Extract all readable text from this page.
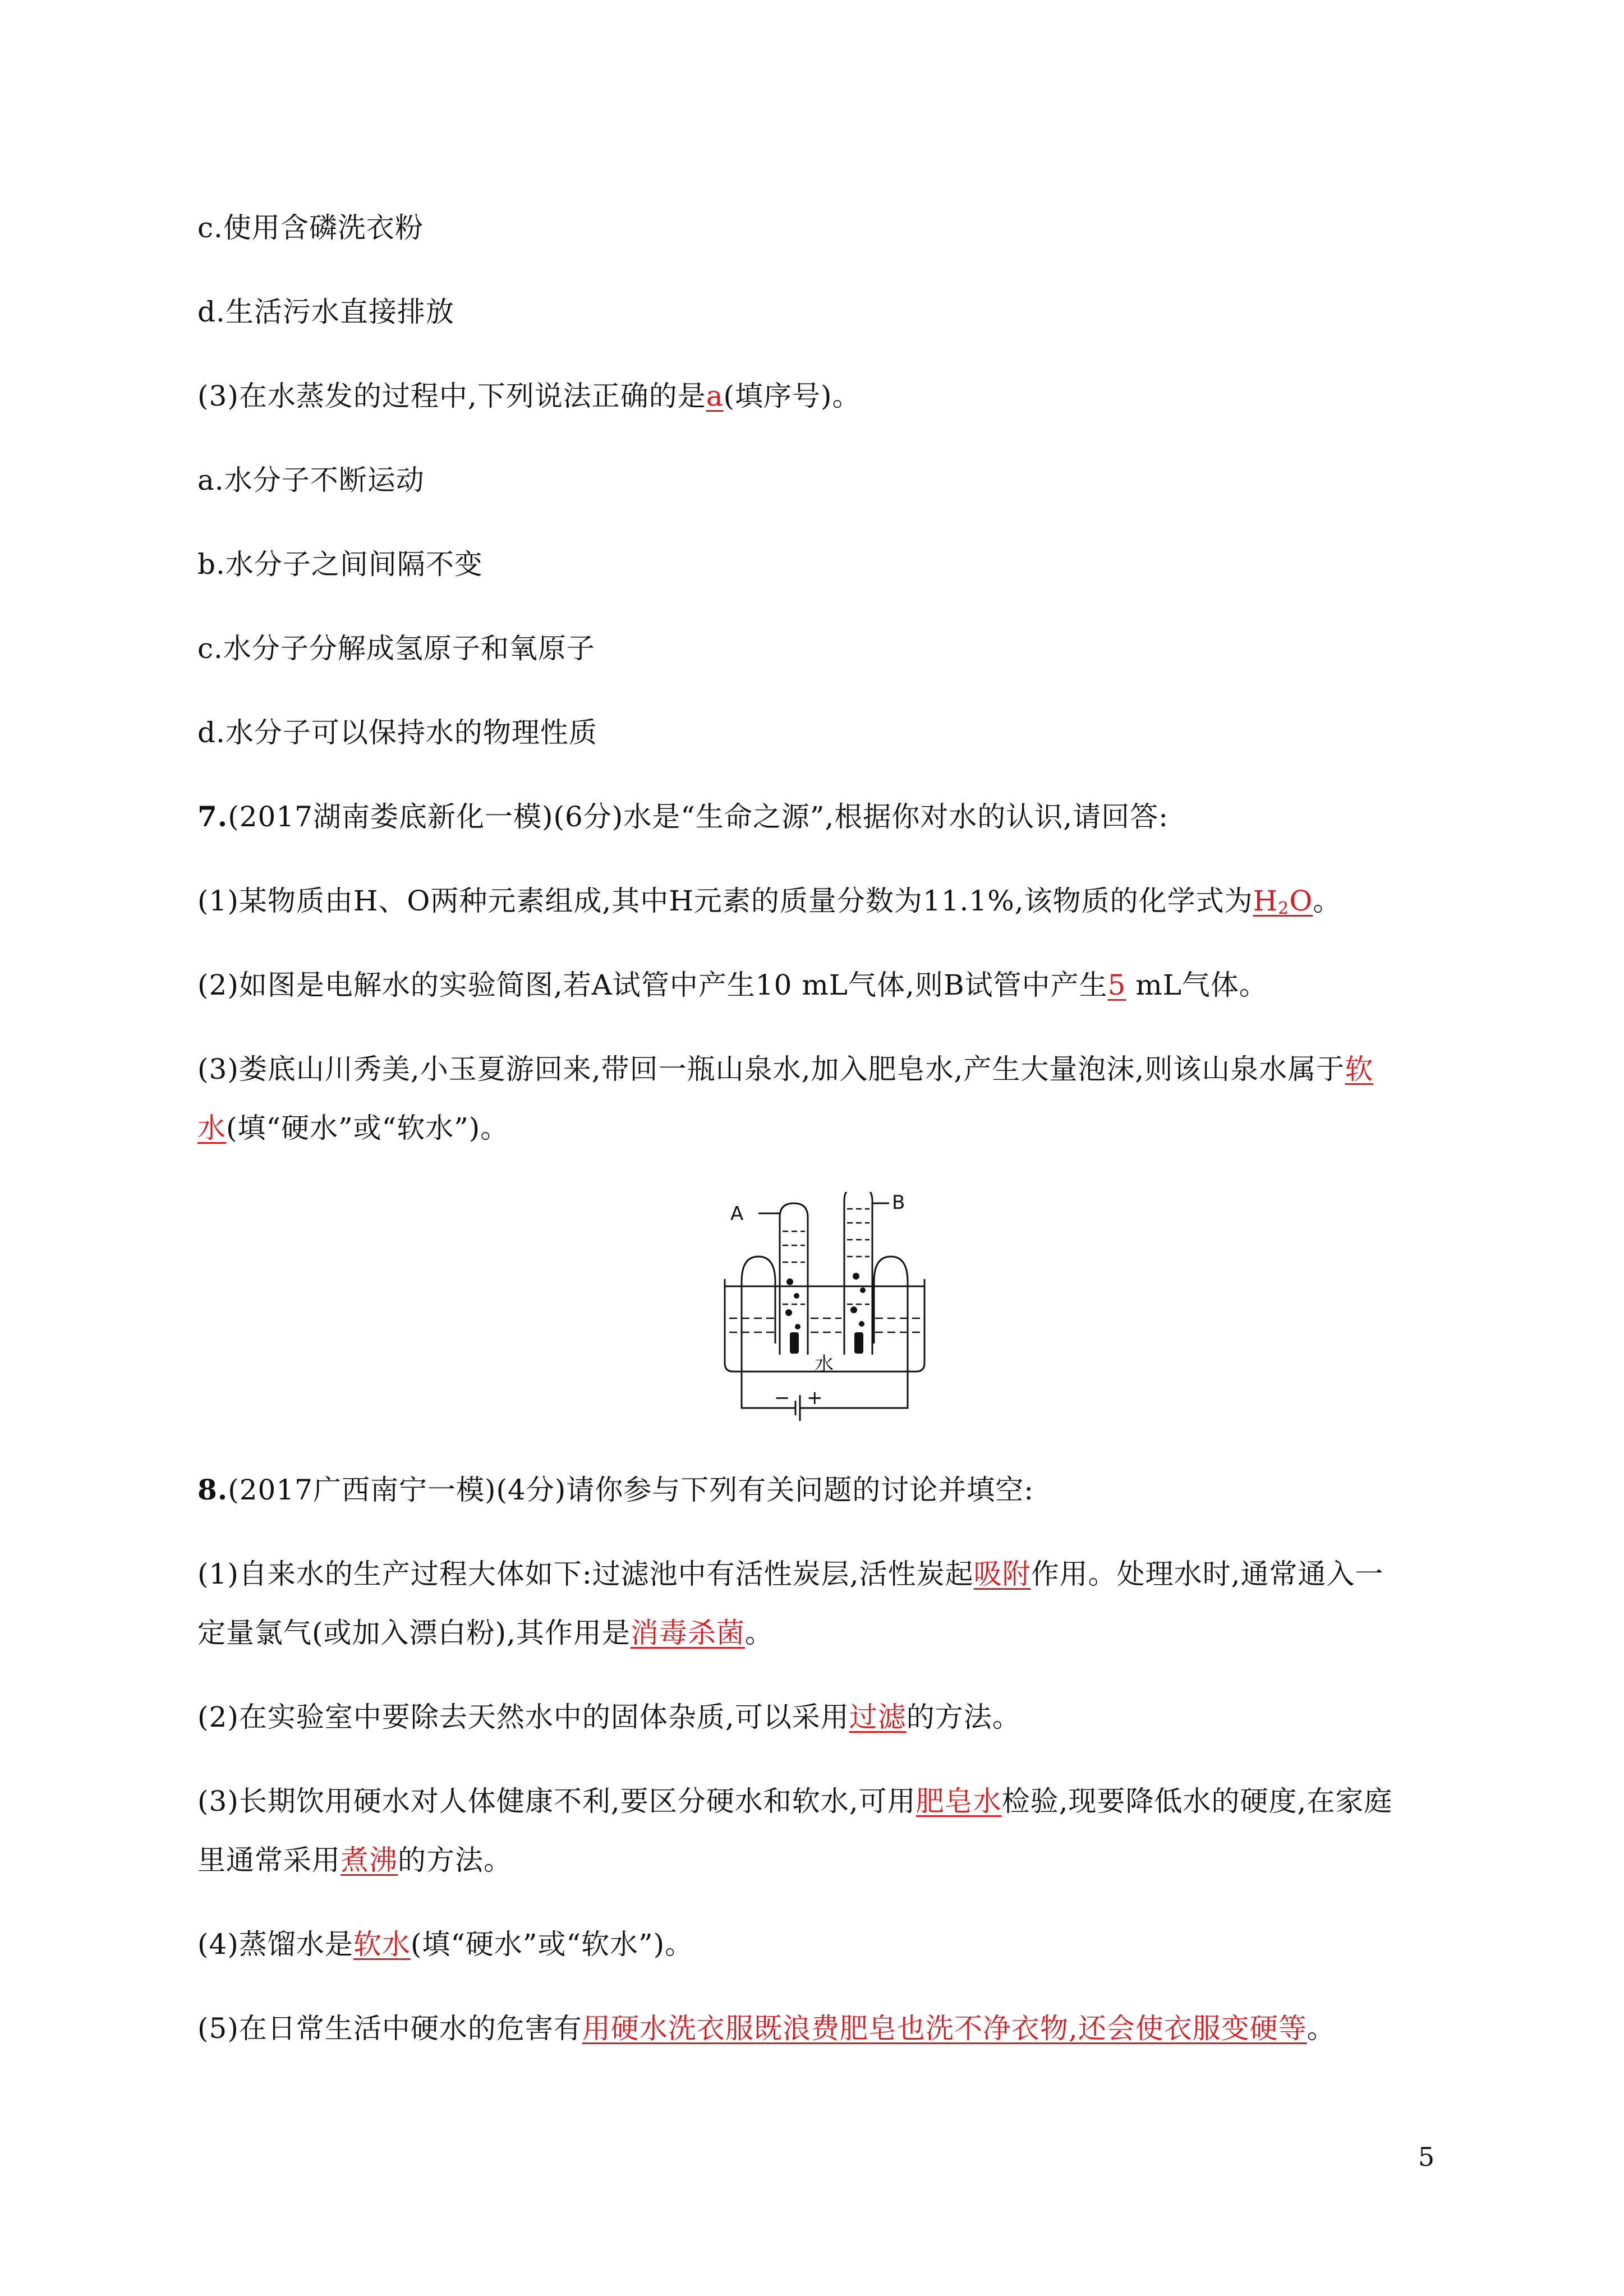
c.使用含磷洗衣粉
d.生活污水直接排放
(3)在水蒸发的过程中,下列说法正确的是a(填序号)。
a.水分子不断运动
b.水分子之间间隔不变
c.水分子分解成氢原子和氧原子
d.水分子可以保持水的物理性质
7.(2017湖南娄底新化一模)(6分)水是“生命之源”,根据你对水的认识,请回答:
(1)某物质由H、O两种元素组成,其中H元素的质量分数为11.1%,该物质的化学式为$H_2O$。
(2)如图是电解水的实验简图,若A试管中产生10 mL气体,则B试管中产生5 mL气体。
(3)娄底山川秀美,小玉夏游回来,带回一瓶山泉水,加入肥皂水,产生大量泡沫,则该山泉水属于软
水(填“硬水”或“软水”)。
A	B
水
− +
8.(2017广西南宁一模)(4分)请你参与下列有关问题的讨论并填空:
(1)自来水的生产过程大体如下:过滤池中有活性炭层,活性炭起吸附作用。处理水时,通常通入一
定量氯气(或加入漂白粉),其作用是消毒杀菌。
(2)在实验室中要除去天然水中的固体杂质,可以采用过滤的方法。
(3)长期饮用硬水对人体健康不利,要区分硬水和软水,可用肥皂水检验,现要降低水的硬度,在家庭
里通常采用煮沸的方法。
(4)蒸馏水是软水(填“硬水”或“软水”)。
(5)在日常生活中硬水的危害有用硬水洗衣服既浪费肥皂也洗不净衣物,还会使衣服变硬等。
5
